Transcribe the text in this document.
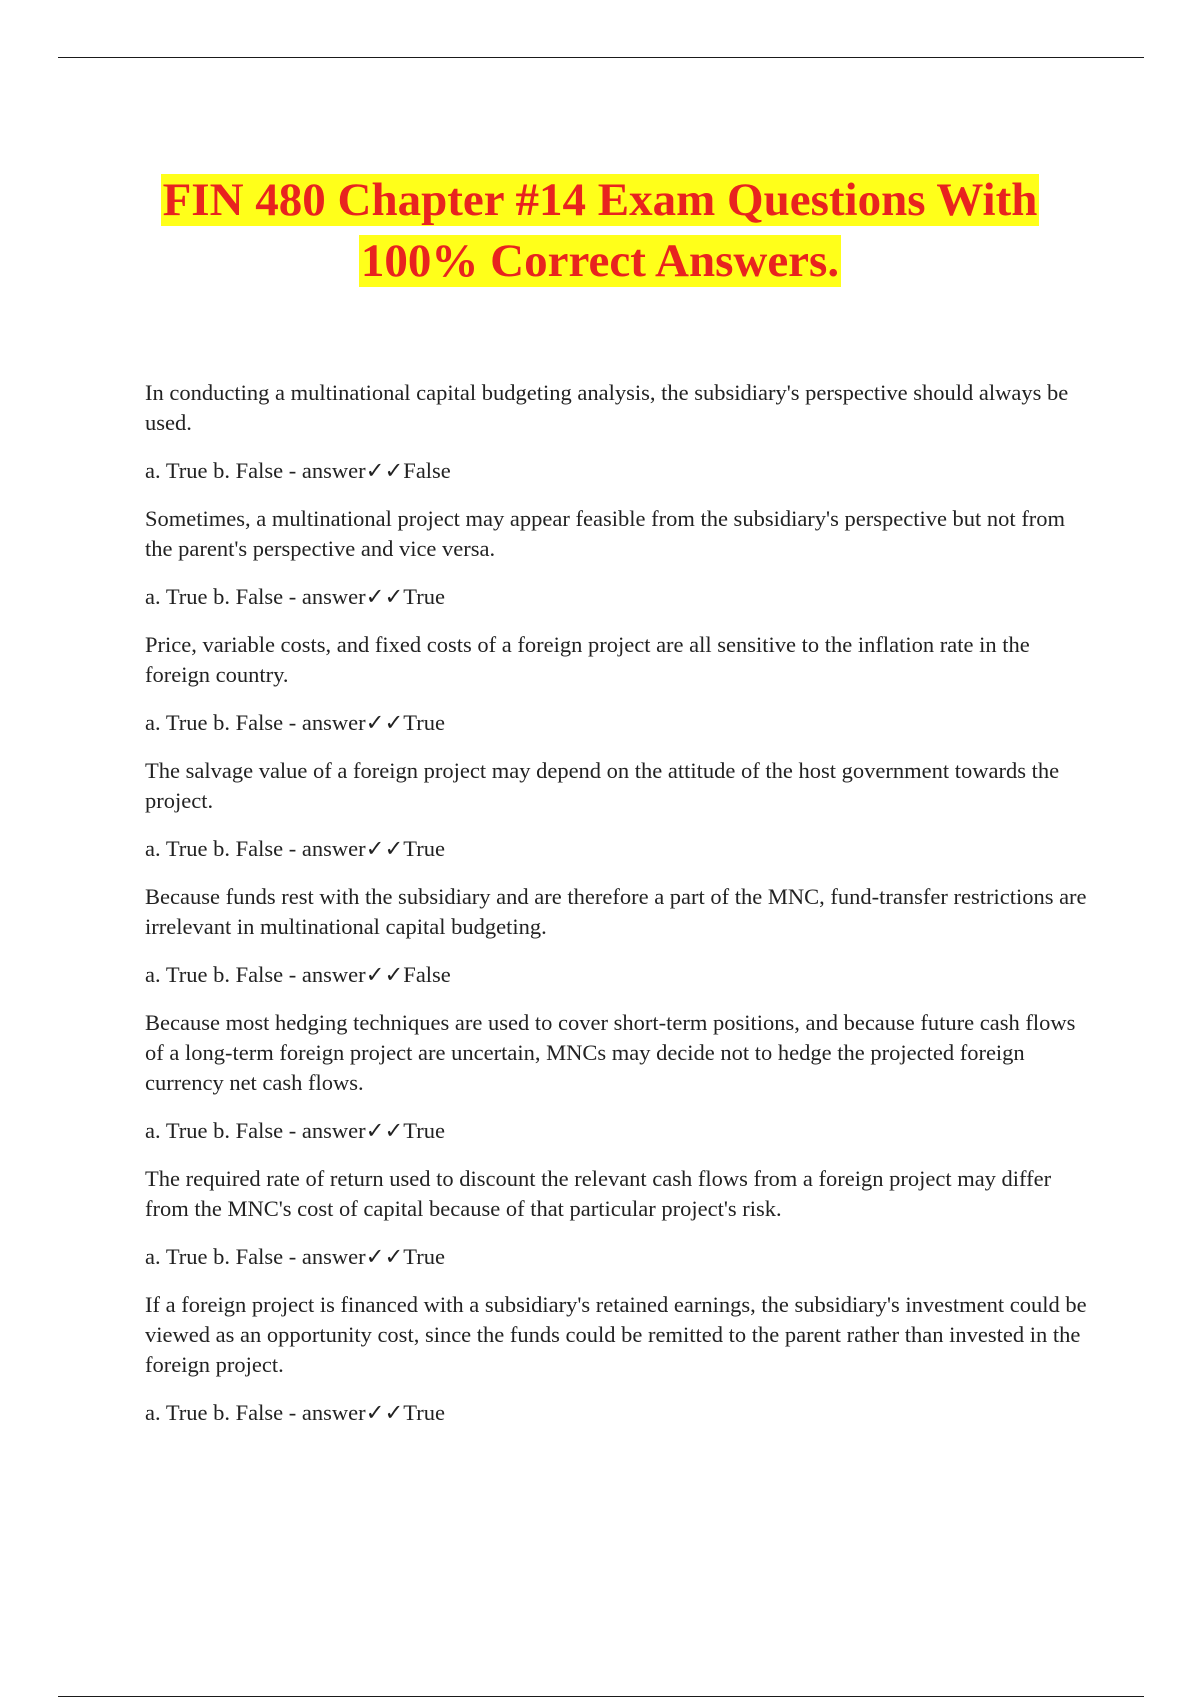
FIN 480 Chapter #14 Exam Questions With
100% Correct Answers.

In conducting a multinational capital budgeting analysis, the subsidiary's perspective should always be used.

a. True b. False - answer✓✓False

Sometimes, a multinational project may appear feasible from the subsidiary's perspective but not from the parent's perspective and vice versa.

a. True b. False - answer✓✓True

Price, variable costs, and fixed costs of a foreign project are all sensitive to the inflation rate in the foreign country.

a. True b. False - answer✓✓True

The salvage value of a foreign project may depend on the attitude of the host government towards the project.

a. True b. False - answer✓✓True

Because funds rest with the subsidiary and are therefore a part of the MNC, fund-transfer restrictions are irrelevant in multinational capital budgeting.

a. True b. False - answer✓✓False

Because most hedging techniques are used to cover short-term positions, and because future cash flows of a long-term foreign project are uncertain, MNCs may decide not to hedge the projected foreign currency net cash flows.

a. True b. False - answer✓✓True

The required rate of return used to discount the relevant cash flows from a foreign project may differ from the MNC's cost of capital because of that particular project's risk.

a. True b. False - answer✓✓True

If a foreign project is financed with a subsidiary's retained earnings, the subsidiary's investment could be viewed as an opportunity cost, since the funds could be remitted to the parent rather than invested in the foreign project.

a. True b. False - answer✓✓True
